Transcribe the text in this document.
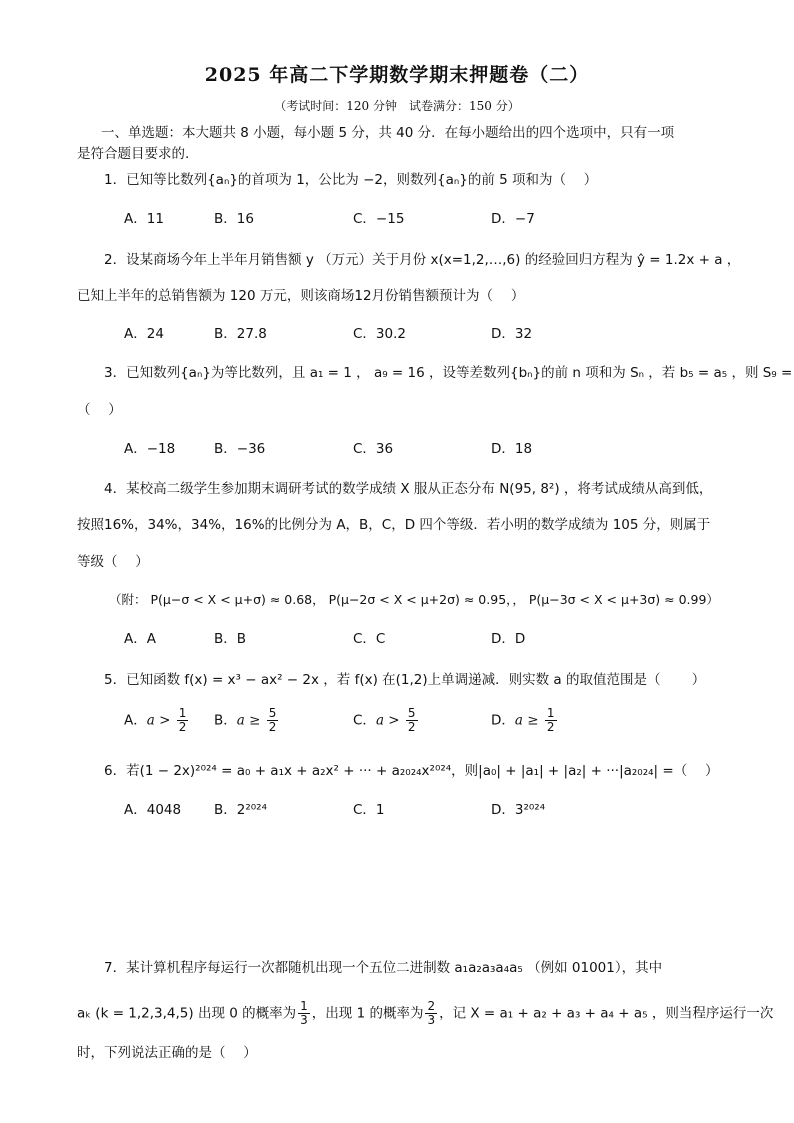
2025 年高二下学期数学期末押题卷（二）
（考试时间：120 分钟　试卷满分：150 分）
一、单选题：本大题共 8 小题，每小题 5 分，共 40 分．在每小题给出的四个选项中，只有一项
是符合题目要求的.
1．已知等比数列{aₙ}的首项为 1，公比为 −2，则数列{aₙ}的前 5 项和为（　 ）
A．11	B．16	C．−15	D．−7
2．设某商场今年上半年月销售额 y （万元）关于月份 x(x=1,2,…,6) 的经验回归方程为 ŷ = 1.2x + a ，
已知上半年的总销售额为 120 万元，则该商场12月份销售额预计为（　 ）
A．24	B．27.8	C．30.2	D．32
3．已知数列{aₙ}为等比数列，且 a₁ = 1 ， a₉ = 16 ，设等差数列{bₙ}的前 n 项和为 Sₙ ，若 b₅ = a₅ ，则 S₉ =
（　 ）
A．−18	B．−36	C．36	D．18
4．某校高二级学生参加期末调研考试的数学成绩 X 服从正态分布 N(95, 8²) ，将考试成绩从高到低，
按照16%，34%，34%，16%的比例分为 A，B，C，D 四个等级．若小明的数学成绩为 105 分，则属于
等级（　 ）
（附： P(μ−σ < X < μ+σ) ≈ 0.68， P(μ−2σ < X < μ+2σ) ≈ 0.95，， P(μ−3σ < X < μ+3σ) ≈ 0.99）
A．A	B．B	C．C	D．D
5．已知函数 f(x) = x³ − ax² − 2x ，若 f(x) 在(1,2)上单调递减．则实数 a 的取值范围是（　　 ）
A．$a > \frac{1}{2}$ B．$a \ge \frac{5}{2}$	C．$a > \frac{5}{2}$	D．$a \ge \frac{1}{2}$
6．若(1 − 2x)²⁰²⁴ = a₀ + a₁x + a₂x² + ··· + a₂₀₂₄x²⁰²⁴，则|a₀| + |a₁| + |a₂| + ···|a₂₀₂₄| =（　 ）
A．4048 B．2²⁰²⁴	C．1	D．3²⁰²⁴
7．某计算机程序每运行一次都随机出现一个五位二进制数 a₁a₂a₃a₄a₅ （例如 01001），其中
aₖ (k = 1,2,3,4,5) 出现 0 的概率为 $\frac{1}{3}$ ，出现 1 的概率为 $\frac{2}{3}$ ，记 X = a₁ + a₂ + a₃ + a₄ + a₅ ，则当程序运行一次
时，下列说法正确的是（　 ）
